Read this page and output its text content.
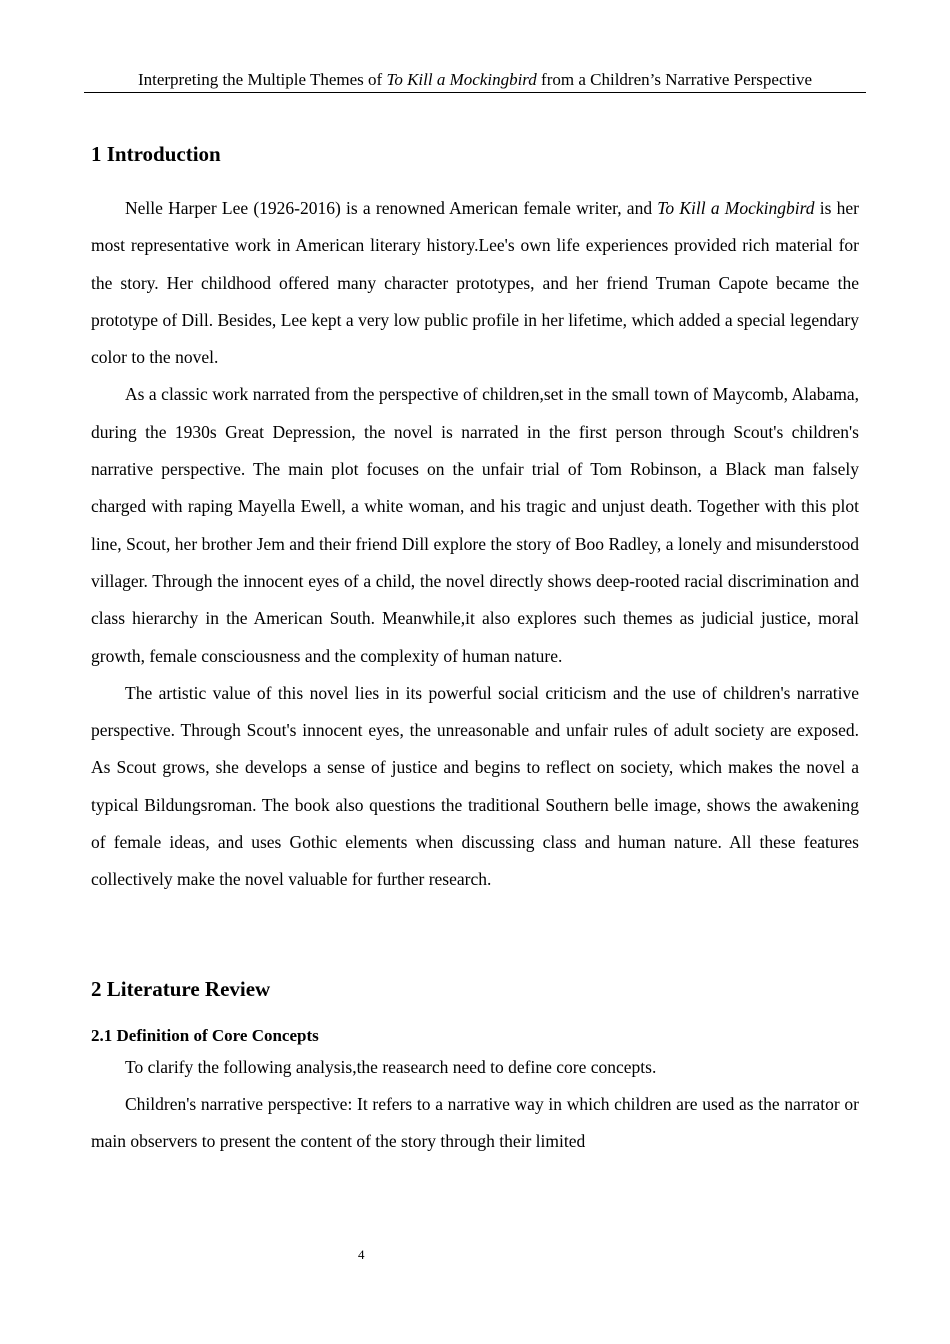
Interpreting the Multiple Themes of To Kill a Mockingbird from a Children’s Narrative Perspective
1 Introduction

Nelle Harper Lee (1926-2016) is a renowned American female writer, and To Kill a Mockingbird is her most representative work in American literary history.Lee's own life experiences provided rich material for the story. Her childhood offered many character prototypes, and her friend Truman Capote became the prototype of Dill. Besides, Lee kept a very low public profile in her lifetime, which added a special legendary color to the novel.

As a classic work narrated from the perspective of children,set in the small town of Maycomb, Alabama, during the 1930s Great Depression, the novel is narrated in the first person through Scout's children's narrative perspective. The main plot focuses on the unfair trial of Tom Robinson, a Black man falsely charged with raping Mayella Ewell, a white woman, and his tragic and unjust death. Together with this plot line, Scout, her brother Jem and their friend Dill explore the story of Boo Radley, a lonely and misunderstood villager. Through the innocent eyes of a child, the novel directly shows deep-rooted racial discrimination and class hierarchy in the American South. Meanwhile,it also explores such themes as judicial justice, moral growth, female consciousness and the complexity of human nature.

The artistic value of this novel lies in its powerful social criticism and the use of children's narrative perspective. Through Scout's innocent eyes, the unreasonable and unfair rules of adult society are exposed. As Scout grows, she develops a sense of justice and begins to reflect on society, which makes the novel a typical Bildungsroman. The book also questions the traditional Southern belle image, shows the awakening of female ideas, and uses Gothic elements when discussing class and human nature. All these features collectively make the novel valuable for further research.

2 Literature Review
2.1 Definition of Core Concepts

To clarify the following analysis,the reasearch need to define core concepts.

Children's narrative perspective: It refers to a narrative way in which children are used as the narrator or main observers to present the content of the story through their limited

4
